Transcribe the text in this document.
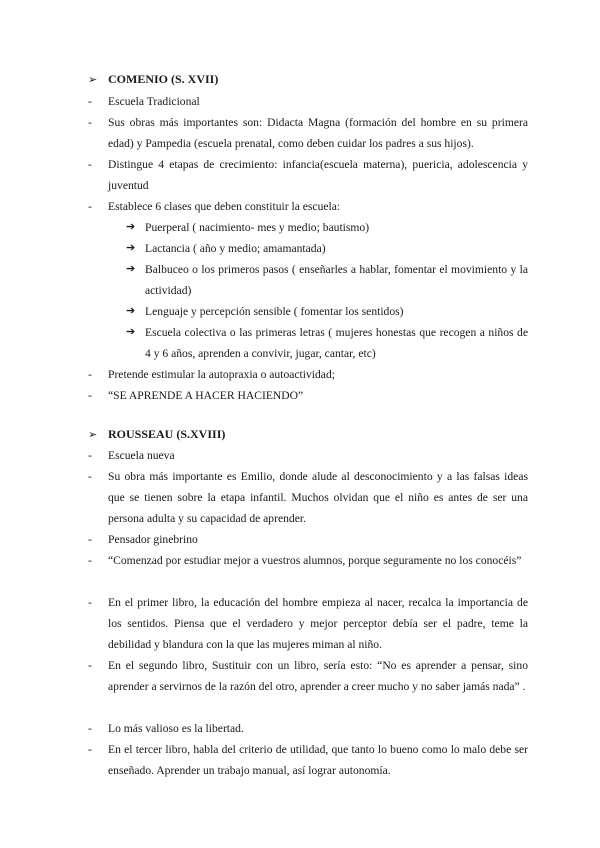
➢ COMENIO (S. XVII)
-	Escuela Tradicional
-	Sus obras más importantes son: Didacta Magna (formación del hombre en su primera edad) y Pampedia (escuela prenatal, como deben cuidar los padres a sus hijos).
-	Distingue 4 etapas de crecimiento: infancia(escuela materna), puericia, adolescencia y juventud
-	Establece 6 clases que deben constituir la escuela:
➔ Puerperal ( nacimiento- mes y medio; bautismo)
➔ Lactancia ( año y medio; amamantada)
➔ Balbuceo o los primeros pasos ( enseñarles a hablar, fomentar el movimiento y la actividad)
➔ Lenguaje y percepción sensible ( fomentar los sentidos)
➔ Escuela colectiva o las primeras letras ( mujeres honestas que recogen a niños de 4 y 6 años, aprenden a convivir, jugar, cantar, etc)
-	Pretende estimular la autopraxia o autoactividad;
-	“SE APRENDE A HACER HACIENDO”
➢ ROUSSEAU (S.XVIII)
-	Escuela nueva
-	Su obra más importante es Emilio, donde alude al desconocimiento y a las falsas ideas que se tienen sobre la etapa infantil. Muchos olvidan que el niño es antes de ser una persona adulta y su capacidad de aprender.
-	Pensador ginebrino
-	“Comenzad por estudiar mejor a vuestros alumnos, porque seguramente no los conocéis”
-	En el primer libro, la educación del hombre empieza al nacer, recalca la importancia de los sentidos. Piensa que el verdadero y mejor perceptor debía ser el padre, teme la debilidad y blandura con la que las mujeres miman al niño.
-	En el segundo libro, Sustituir con un libro, sería esto: “No es aprender a pensar, sino aprender a servirnos de la razón del otro, aprender a creer mucho y no saber jamás nada” .
-	Lo más valioso es la libertad.
-	En el tercer libro, habla del criterio de utilidad, que tanto lo bueno como lo malo debe ser enseñado. Aprender un trabajo manual, así lograr autonomía.
